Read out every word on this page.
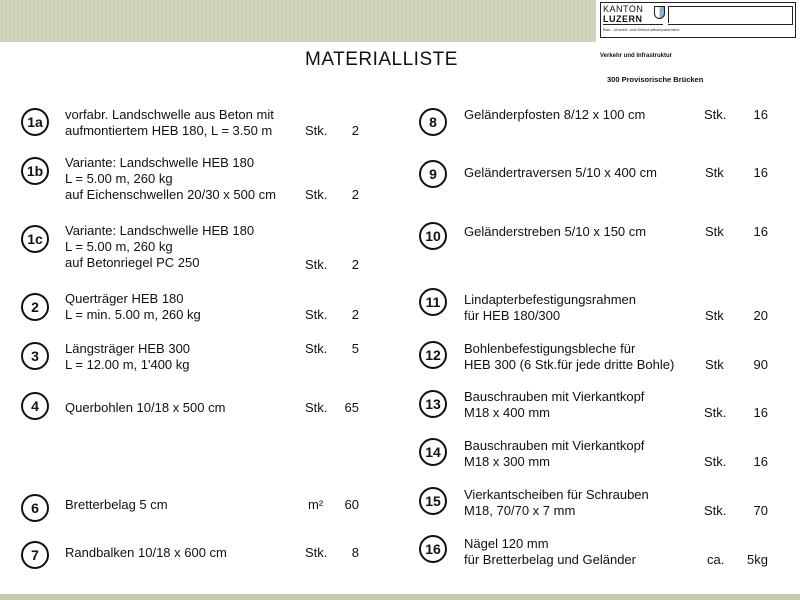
KANTON
LUZERN
Bau-, Umwelt- und Wirtschaftsdepartement
Verkehr und Infrastruktur
300 Provisorische Brücken
MATERIALLISTE
1a	vorfabr. Landschwelle aus Beton mit
aufmontiertem HEB 180, L = 3.50 m	Stk.	2
1b
Variante: Landschwelle HEB 180
L = 5.00 m, 260 kg
auf Eichenschwellen 20/30 x 500 cm Stk.	2
1c
Variante: Landschwelle HEB 180
L = 5.00 m, 260 kg
auf Betonriegel PC 250	Stk.	2
2
Querträger HEB 180
L = min. 5.00 m, 260 kg	Stk.	2
3	Längsträger HEB 300
L = 12.00 m, 1'400 kg
Stk.	5
4	Querbohlen 10/18 x 500 cm	Stk.	65
6	Bretterbelag 5 cm	m²	60
7	Randbalken 10/18 x 600 cm	Stk.	8
8	Geländerpfosten 8/12 x 100 cm	Stk.	16
9	Geländertraversen 5/10 x 400 cm	Stk	16
10	Geländerstreben 5/10 x 150 cm	Stk	16
11	Lindapterbefestigungsrahmen
für HEB 180/300	Stk	20
12	Bohlenbefestigungsbleche für
HEB 300 (6 Stk.für jede dritte Bohle) Stk	90
13	Bauschrauben mit Vierkantkopf
M18 x 400 mm	Stk.	16
14	Bauschrauben mit Vierkantkopf
M18 x 300 mm	Stk.	16
15	Vierkantscheiben für Schrauben
M18, 70/70 x 7 mm	Stk.	70
16	Nägel 120 mm
für Bretterbelag und Geländer	ca.	5kg
